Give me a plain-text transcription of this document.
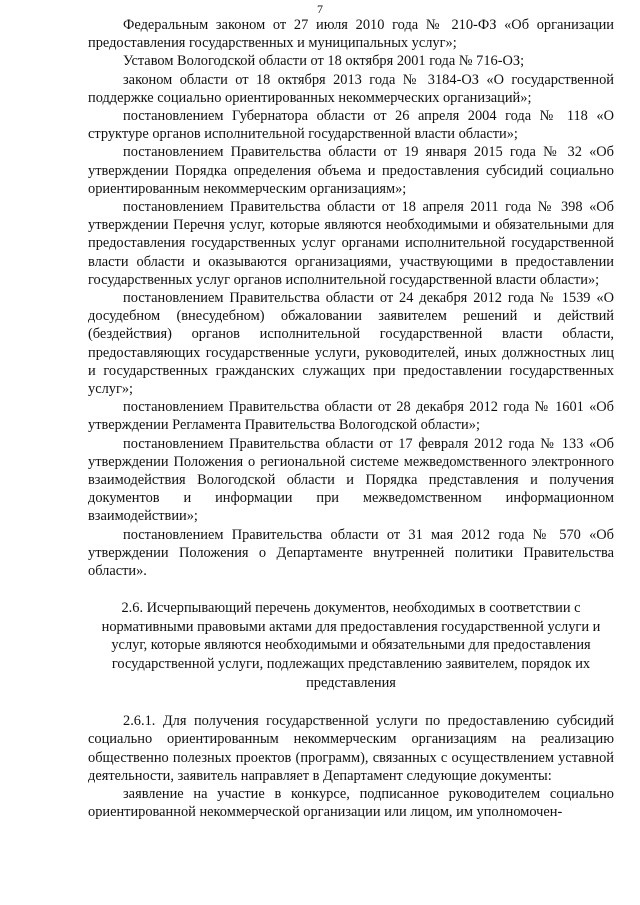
7

Федеральным законом от 27 июля 2010 года № 210-ФЗ «Об организации предоставления государственных и муниципальных услуг»;

Уставом Вологодской области от 18 октября 2001 года № 716-ОЗ;

законом области от 18 октября 2013 года № 3184-ОЗ «О государственной поддержке социально ориентированных некоммерческих организаций»;

постановлением Губернатора области от 26 апреля 2004 года № 118 «О структуре органов исполнительной государственной власти области»;

постановлением Правительства области от 19 января 2015 года № 32 «Об утверждении Порядка определения объема и предоставления субсидий социально ориентированным некоммерческим организациям»;

постановлением Правительства области от 18 апреля 2011 года № 398 «Об утверждении Перечня услуг, которые являются необходимыми и обязательными для предоставления государственных услуг органами исполнительной государственной власти области и оказываются организациями, участвующими в предоставлении государственных услуг органов исполнительной государственной власти области»;

постановлением Правительства области от 24 декабря 2012 года № 1539 «О досудебном (внесудебном) обжаловании заявителем решений и действий (бездействия) органов исполнительной государственной власти области, предоставляющих государственные услуги, руководителей, иных должностных лиц и государственных гражданских служащих при предоставлении государственных услуг»;

постановлением Правительства области от 28 декабря 2012 года № 1601 «Об утверждении Регламента Правительства Вологодской области»;

постановлением Правительства области от 17 февраля 2012 года № 133 «Об утверждении Положения о региональной системе межведомственного электронного взаимодействия Вологодской области и Порядка представления и получения документов и информации при межведомственном информационном взаимодействии»;

постановлением Правительства области от 31 мая 2012 года № 570 «Об утверждении Положения о Департаменте внутренней политики Правительства области».

2.6. Исчерпывающий перечень документов, необходимых в соответствии с нормативными правовыми актами для предоставления государственной услуги и услуг, которые являются необходимыми и обязательными для предоставления государственной услуги, подлежащих представлению заявителем, порядок их представления

2.6.1. Для получения государственной услуги по предоставлению субсидий социально ориентированным некоммерческим организациям на реализацию общественно полезных проектов (программ), связанных с осуществлением уставной деятельности, заявитель направляет в Департамент следующие документы:

заявление на участие в конкурсе, подписанное руководителем социально ориентированной некоммерческой организации или лицом, им уполномочен-
